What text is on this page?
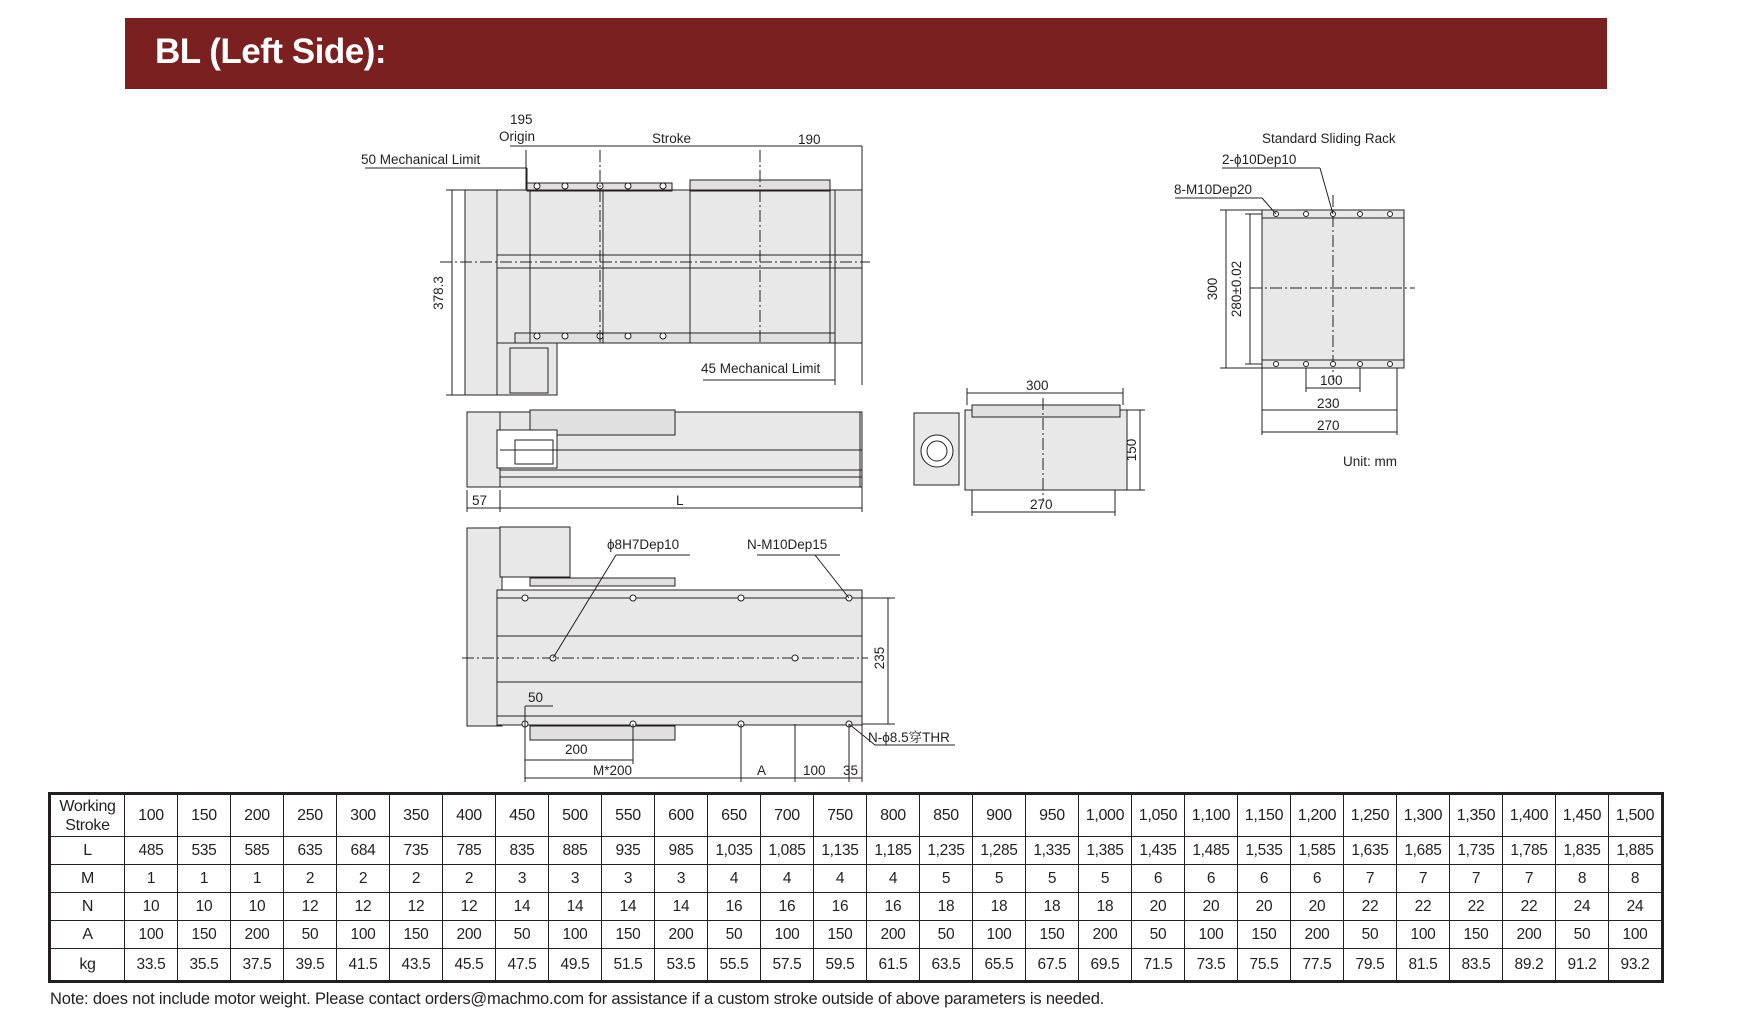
BL (Left Side):
195
Origin	Stroke	190
50 Mechanical Limit
45 Mechanical Limit
378.3
57	L
300
150
270
Standard Sliding Rack
2-ϕ10Dep10
8-M10Dep20
300 280±0.02
100
230
270
Unit: mm
ϕ8H7Dep10	N-M10Dep15
235
50
200
N-ϕ8.5穿THR
M*200	A	100 35
Working Stroke	100	150	200	250	300	350	400	450	500	550	600	650	700	750	800	850	900	950	1,000	1,050	1,100	1,150	1,200	1,250	1,300	1,350	1,400	1,450	1,500
L	485	535	585	635	684	735	785	835	885	935	985	1,035	1,085	1,135	1,185	1,235	1,285	1,335	1,385	1,435	1,485	1,535	1,585	1,635	1,685	1,735	1,785	1,835	1,885
M	1	1	1	2	2	2	2	3	3	3	3	4	4	4	4	5	5	5	5	6	6	6	6	7	7	7	7	8	8
N	10	10	10	12	12	12	12	14	14	14	14	16	16	16	16	18	18	18	18	20	20	20	20	22	22	22	22	24	24
A	100	150	200	50	100	150	200	50	100	150	200	50	100	150	200	50	100	150	200	50	100	150	200	50	100	150	200	50	100
kg	33.5	35.5	37.5	39.5	41.5	43.5	45.5	47.5	49.5	51.5	53.5	55.5	57.5	59.5	61.5	63.5	65.5	67.5	69.5	71.5	73.5	75.5	77.5	79.5	81.5	83.5	89.2	91.2	93.2
Note: does not include motor weight. Please contact orders@machmo.com for assistance if a custom stroke outside of above parameters is needed.
